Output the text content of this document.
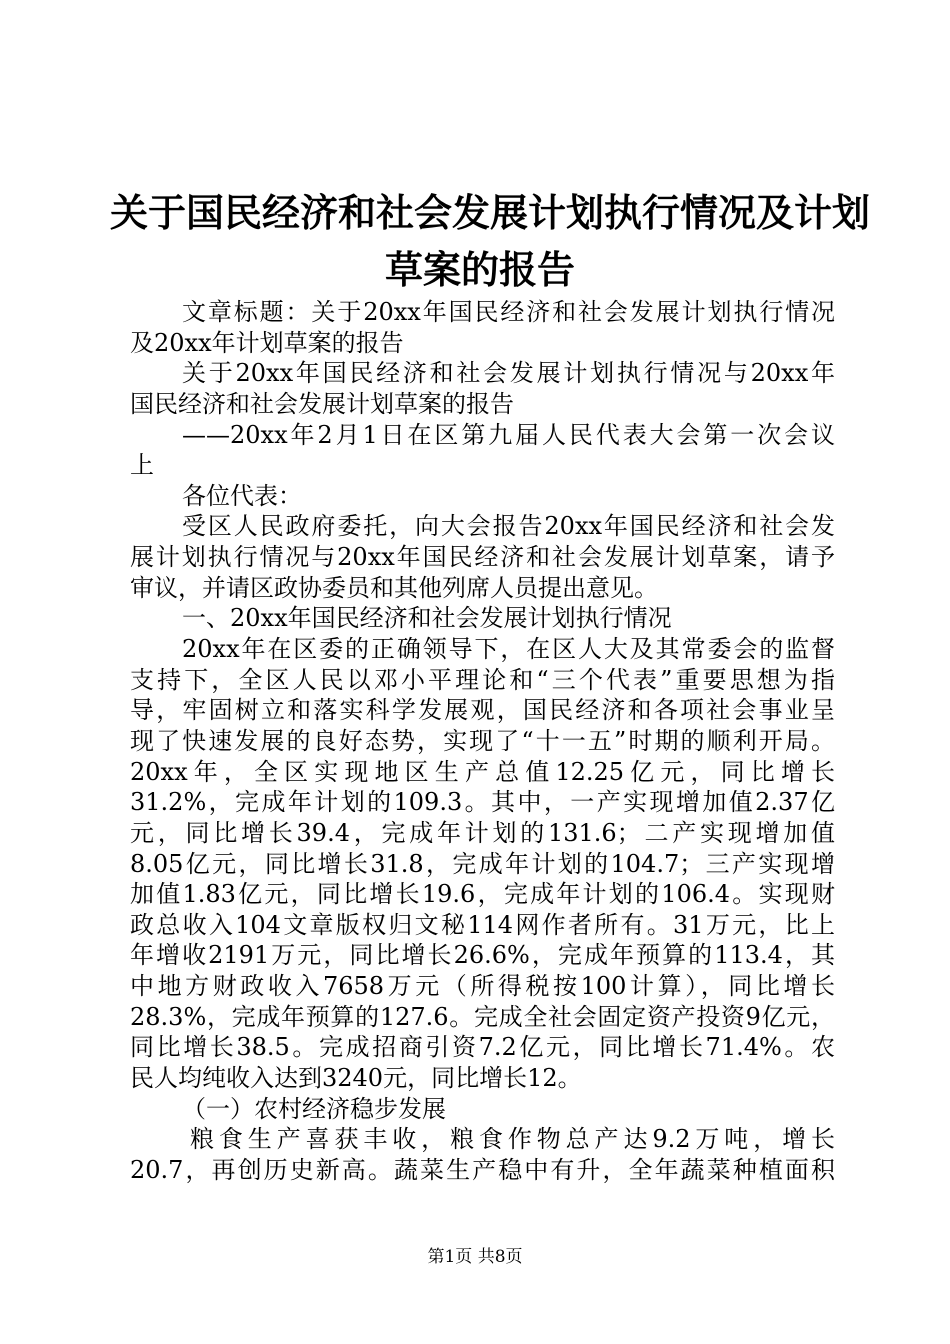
关于国民经济和社会发展计划执行情况及计划
草案的报告
文章标题：关于20xx年国民经济和社会发展计划执行情况
及20xx年计划草案的报告
关于20xx年国民经济和社会发展计划执行情况与20xx年
国民经济和社会发展计划草案的报告
——20xx年2月1日在区第九届人民代表大会第一次会议
上
各位代表：
受区人民政府委托，向大会报告20xx年国民经济和社会发
展计划执行情况与20xx年国民经济和社会发展计划草案，请予
审议，并请区政协委员和其他列席人员提出意见。
一、20xx年国民经济和社会发展计划执行情况
20xx年在区委的正确领导下，在区人大及其常委会的监督
支持下，全区人民以邓小平理论和“三个代表”重要思想为指
导，牢固树立和落实科学发展观，国民经济和各项社会事业呈
现了快速发展的良好态势，实现了“十一五”时期的顺利开局。
20xx年，全区实现地区生产总值12.25亿元，同比增长
31.2%，完成年计划的109.3。其中，一产实现增加值2.37亿
元，同比增长39.4，完成年计划的131.6；二产实现增加值
8.05亿元，同比增长31.8，完成年计划的104.7；三产实现增
加值1.83亿元，同比增长19.6，完成年计划的106.4。实现财
政总收入104文章版权归文秘114网作者所有。31万元，比上
年增收2191万元，同比增长26.6%，完成年预算的113.4，其
中地方财政收入7658万元（所得税按100计算），同比增长
28.3%，完成年预算的127.6。完成全社会固定资产投资9亿元，
同比增长38.5。完成招商引资7.2亿元，同比增长71.4%。农
民人均纯收入达到3240元，同比增长12。
（一）农村经济稳步发展
粮食生产喜获丰收，粮食作物总产达9.2万吨，增长
20.7，再创历史新高。蔬菜生产稳中有升，全年蔬菜种植面积
第1页 共8页
